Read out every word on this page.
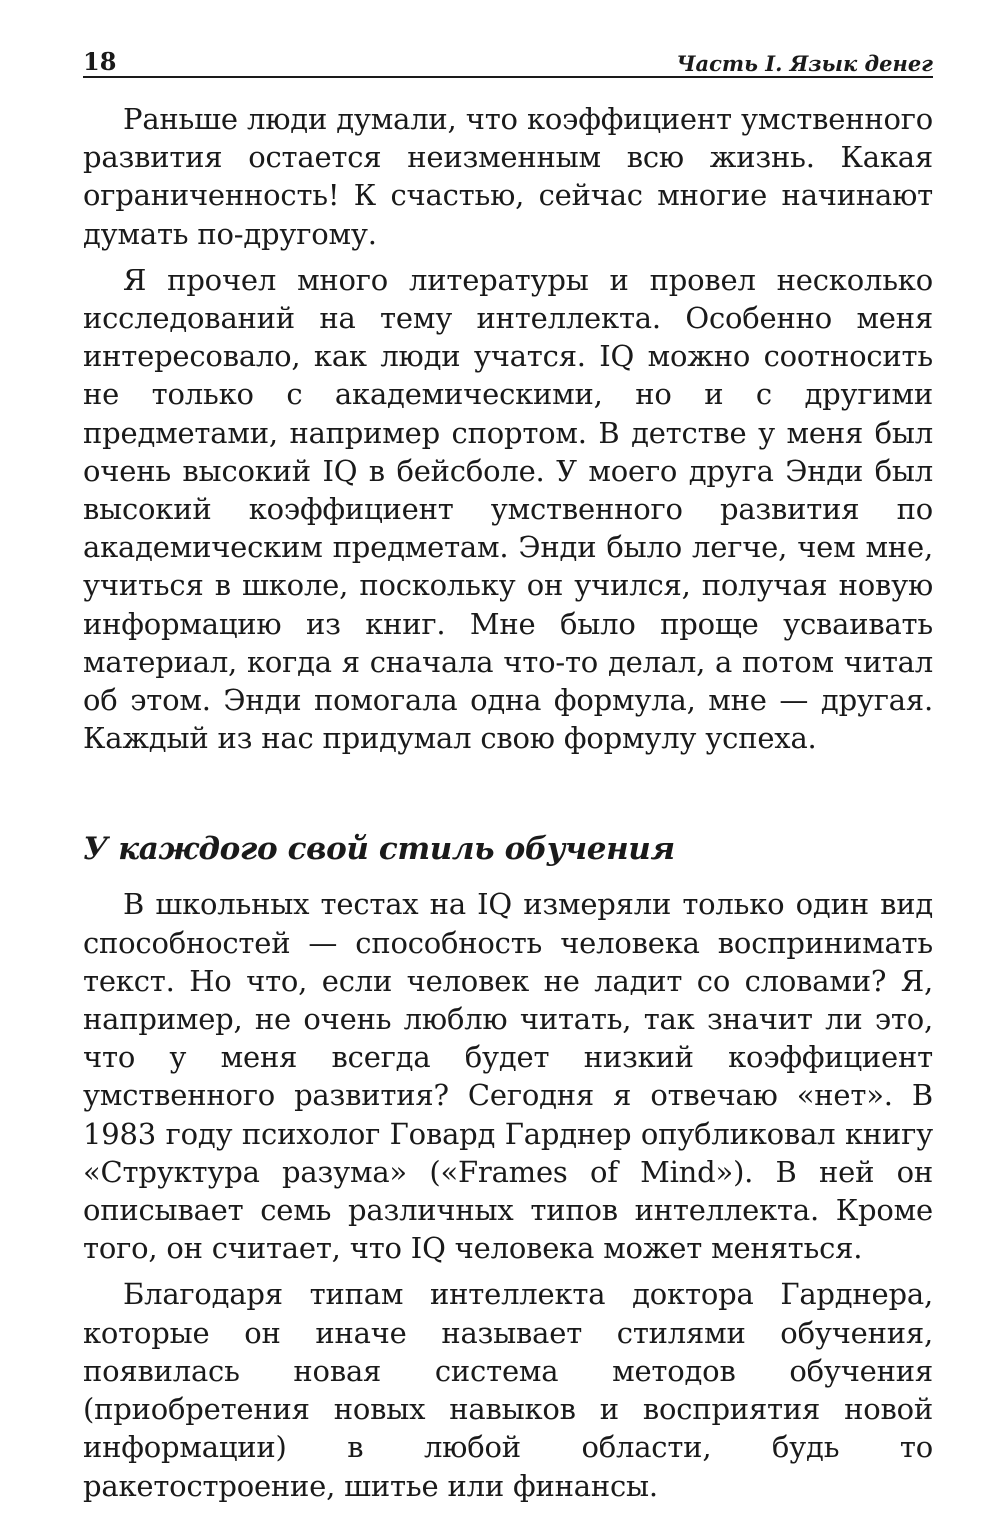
18	Часть I. Язык денег

Раньше люди думали, что коэффициент умственного развития остается неизменным всю жизнь. Какая ограниченность! К счастью, сейчас многие начинают думать по-другому.

Я прочел много литературы и провел несколько исследований на тему интеллекта. Особенно меня интересовало, как люди учатся. IQ можно соотносить не только с академическими, но и с другими предметами, например спортом. В детстве у меня был очень высокий IQ в бейсболе. У моего друга Энди был высокий коэффициент умственного развития по академическим предметам. Энди было легче, чем мне, учиться в школе, поскольку он учился, получая новую информацию из книг. Мне было проще усваивать материал, когда я сначала что-то делал, а потом читал об этом. Энди помогала одна формула, мне — другая. Каждый из нас придумал свою формулу успеха.

У каждого свой стиль обучения

В школьных тестах на IQ измеряли только один вид способностей — способность человека воспринимать текст. Но что, если человек не ладит со словами? Я, например, не очень люблю читать, так значит ли это, что у меня всегда будет низкий коэффициент умственного развития? Сегодня я отвечаю «нет». В 1983 году психолог Говард Гарднер опубликовал книгу «Структура разума» («Frames of Mind»). В ней он описывает семь различных типов интеллекта. Кроме того, он считает, что IQ человека может меняться.

Благодаря типам интеллекта доктора Гарднера, которые он иначе называет стилями обучения, появилась новая система методов обучения (приобретения новых навыков и восприятия новой информации) в любой области, будь то ракетостроение, шитье или финансы.
